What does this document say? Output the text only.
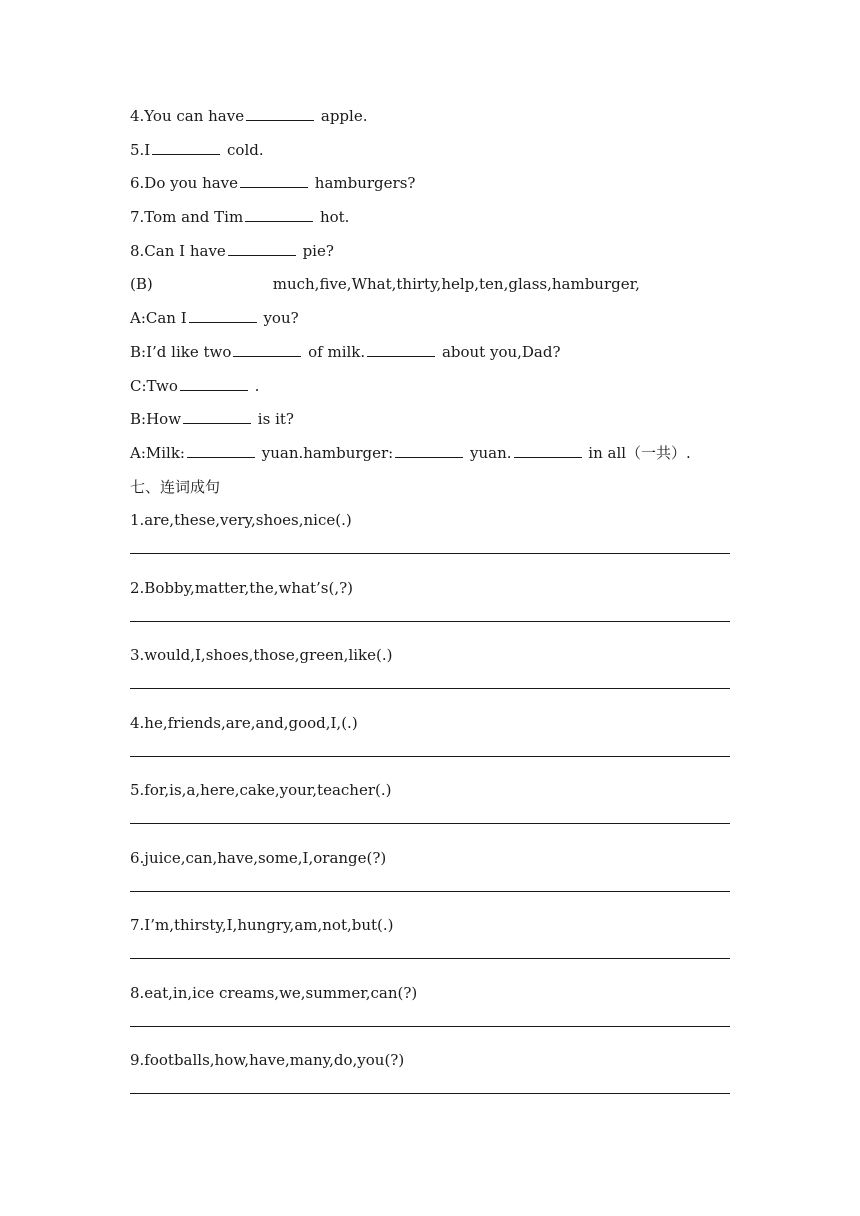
4.You can have	apple.
5.I	cold.
6.Do you have	hamburgers?
7.Tom and Tim	hot.
8.Can I have	pie?
(B)	much,five,What,thirty,help,ten,glass,hamburger,
A:Can I	you?
B:I’d like two	of milk.	about you,Dad?
C:Two	.
B:How	is it?
A:Milk:	yuan.hamburger:	yuan.	in all（一共）.
七、连词成句
1.are,these,very,shoes,nice(.)
2.Bobby,matter,the,what’s(,?)
3.would,I,shoes,those,green,like(.)
4.he,friends,are,and,good,I,(.)
5.for,is,a,here,cake,your,teacher(.)
6.juice,can,have,some,I,orange(?)
7.I’m,thirsty,I,hungry,am,not,but(.)
8.eat,in,ice creams,we,summer,can(?)
9.footballs,how,have,many,do,you(?)
